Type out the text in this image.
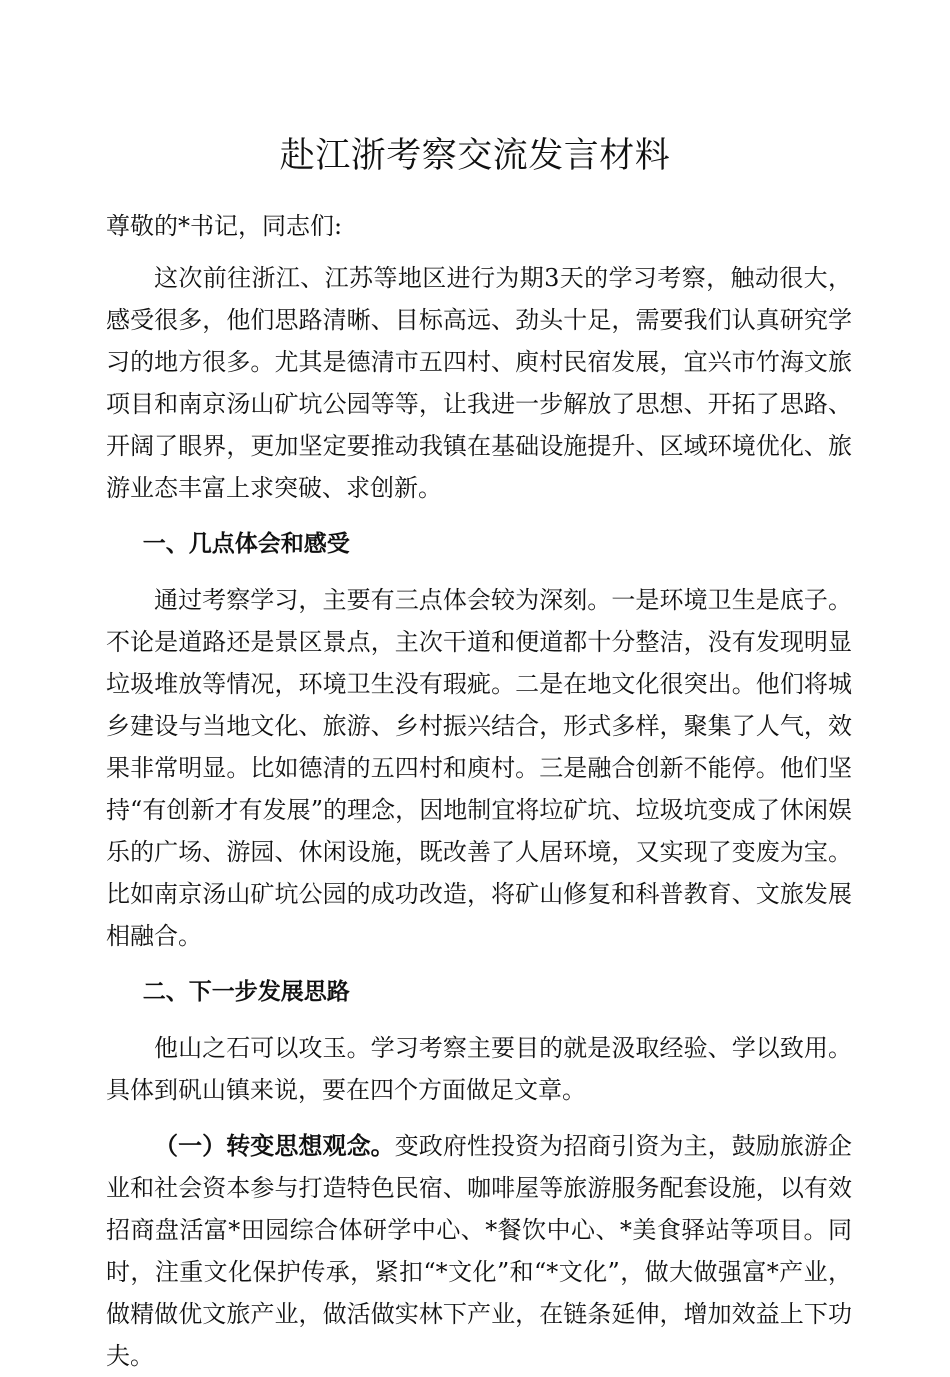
赴江浙考察交流发言材料

尊敬的*书记，同志们:

这次前往浙江、江苏等地区进行为期3天的学习考察，触动很大，感受很多，他们思路清晰、目标高远、劲头十足，需要我们认真研究学习的地方很多。尤其是德清市五四村、庾村民宿发展，宜兴市竹海文旅项目和南京汤山矿坑公园等等，让我进一步解放了思想、开拓了思路、开阔了眼界，更加坚定要推动我镇在基础设施提升、区域环境优化、旅游业态丰富上求突破、求创新。

一、几点体会和感受

通过考察学习，主要有三点体会较为深刻。一是环境卫生是底子。不论是道路还是景区景点，主次干道和便道都十分整洁，没有发现明显垃圾堆放等情况，环境卫生没有瑕疵。二是在地文化很突出。他们将城乡建设与当地文化、旅游、乡村振兴结合，形式多样，聚集了人气，效果非常明显。比如德清的五四村和庾村。三是融合创新不能停。他们坚持“有创新才有发展”的理念，因地制宜将垃矿坑、垃圾坑变成了休闲娱乐的广场、游园、休闲设施，既改善了人居环境，又实现了变废为宝。比如南京汤山矿坑公园的成功改造，将矿山修复和科普教育、文旅发展相融合。

二、下一步发展思路

他山之石可以攻玉。学习考察主要目的就是汲取经验、学以致用。具体到矾山镇来说，要在四个方面做足文章。

（一）转变思想观念。变政府性投资为招商引资为主，鼓励旅游企业和社会资本参与打造特色民宿、咖啡屋等旅游服务配套设施，以有效招商盘活富*田园综合体研学中心、*餐饮中心、*美食驿站等项目。同时，注重文化保护传承，紧扣“*文化”和“*文化”，做大做强富*产业，做精做优文旅产业，做活做实林下产业，在链条延伸，增加效益上下功夫。
